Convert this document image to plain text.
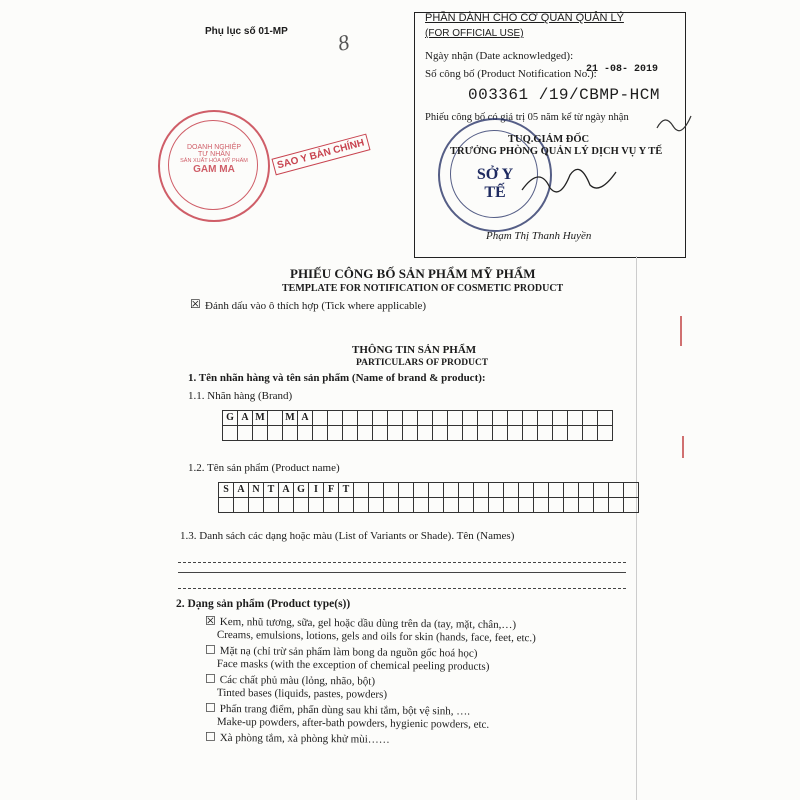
Phụ lục số 01-MP 8
PHẦN DÀNH CHO CƠ QUAN QUẢN LÝ
(FOR OFFICIAL USE)
Ngày nhận (Date acknowledged):
21 -08- 2019
Số công bố (Product Notification No.):
003361 /19/CBMP-HCM
Phiếu công bố có giá trị 05 năm kể từ ngày nhận
TUQ.GIÁM ĐỐC
TRƯỞNG PHÒNG QUẢN LÝ DỊCH VỤ Y TẾ
SỞ Y TẾ
Phạm Thị Thanh Huyền
DOANH NGHIỆP
TƯ NHÂN
SẢN XUẤT HÓA MỸ PHẨM
GAM MA	SAO Y BẢN CHÍNH
PHIẾU CÔNG BỐ SẢN PHẨM MỸ PHẨM
TEMPLATE FOR NOTIFICATION OF COSMETIC PRODUCT
☒ Đánh dấu vào ô thích hợp (Tick where applicable)
THÔNG TIN SẢN PHẨM
PARTICULARS OF PRODUCT
1. Tên nhãn hàng và tên sản phẩm (Name of brand & product):
1.1. Nhãn hàng (Brand)
G	A	M		M	A																				

1.2. Tên sản phẩm (Product name)
S	A	N	T	A	G	I	F	T																			

1.3. Danh sách các dạng hoặc màu (List of Variants or Shade). Tên (Names)
2. Dạng sản phẩm (Product type(s))
☒ Kem, nhũ tương, sữa, gel hoặc dầu dùng trên da (tay, mặt, chân,…)
Creams, emulsions, lotions, gels and oils for skin (hands, face, feet, etc.)
☐ Mặt nạ (chỉ trừ sản phẩm làm bong da nguồn gốc hoá học)
Face masks (with the exception of chemical peeling products)
☐ Các chất phủ màu (lỏng, nhão, bột)
Tinted bases (liquids, pastes, powders)
☐ Phấn trang điểm, phấn dùng sau khi tắm, bột vệ sinh, ….
Make-up powders, after-bath powders, hygienic powders, etc.
☐ Xà phòng tắm, xà phòng khử mùi……
